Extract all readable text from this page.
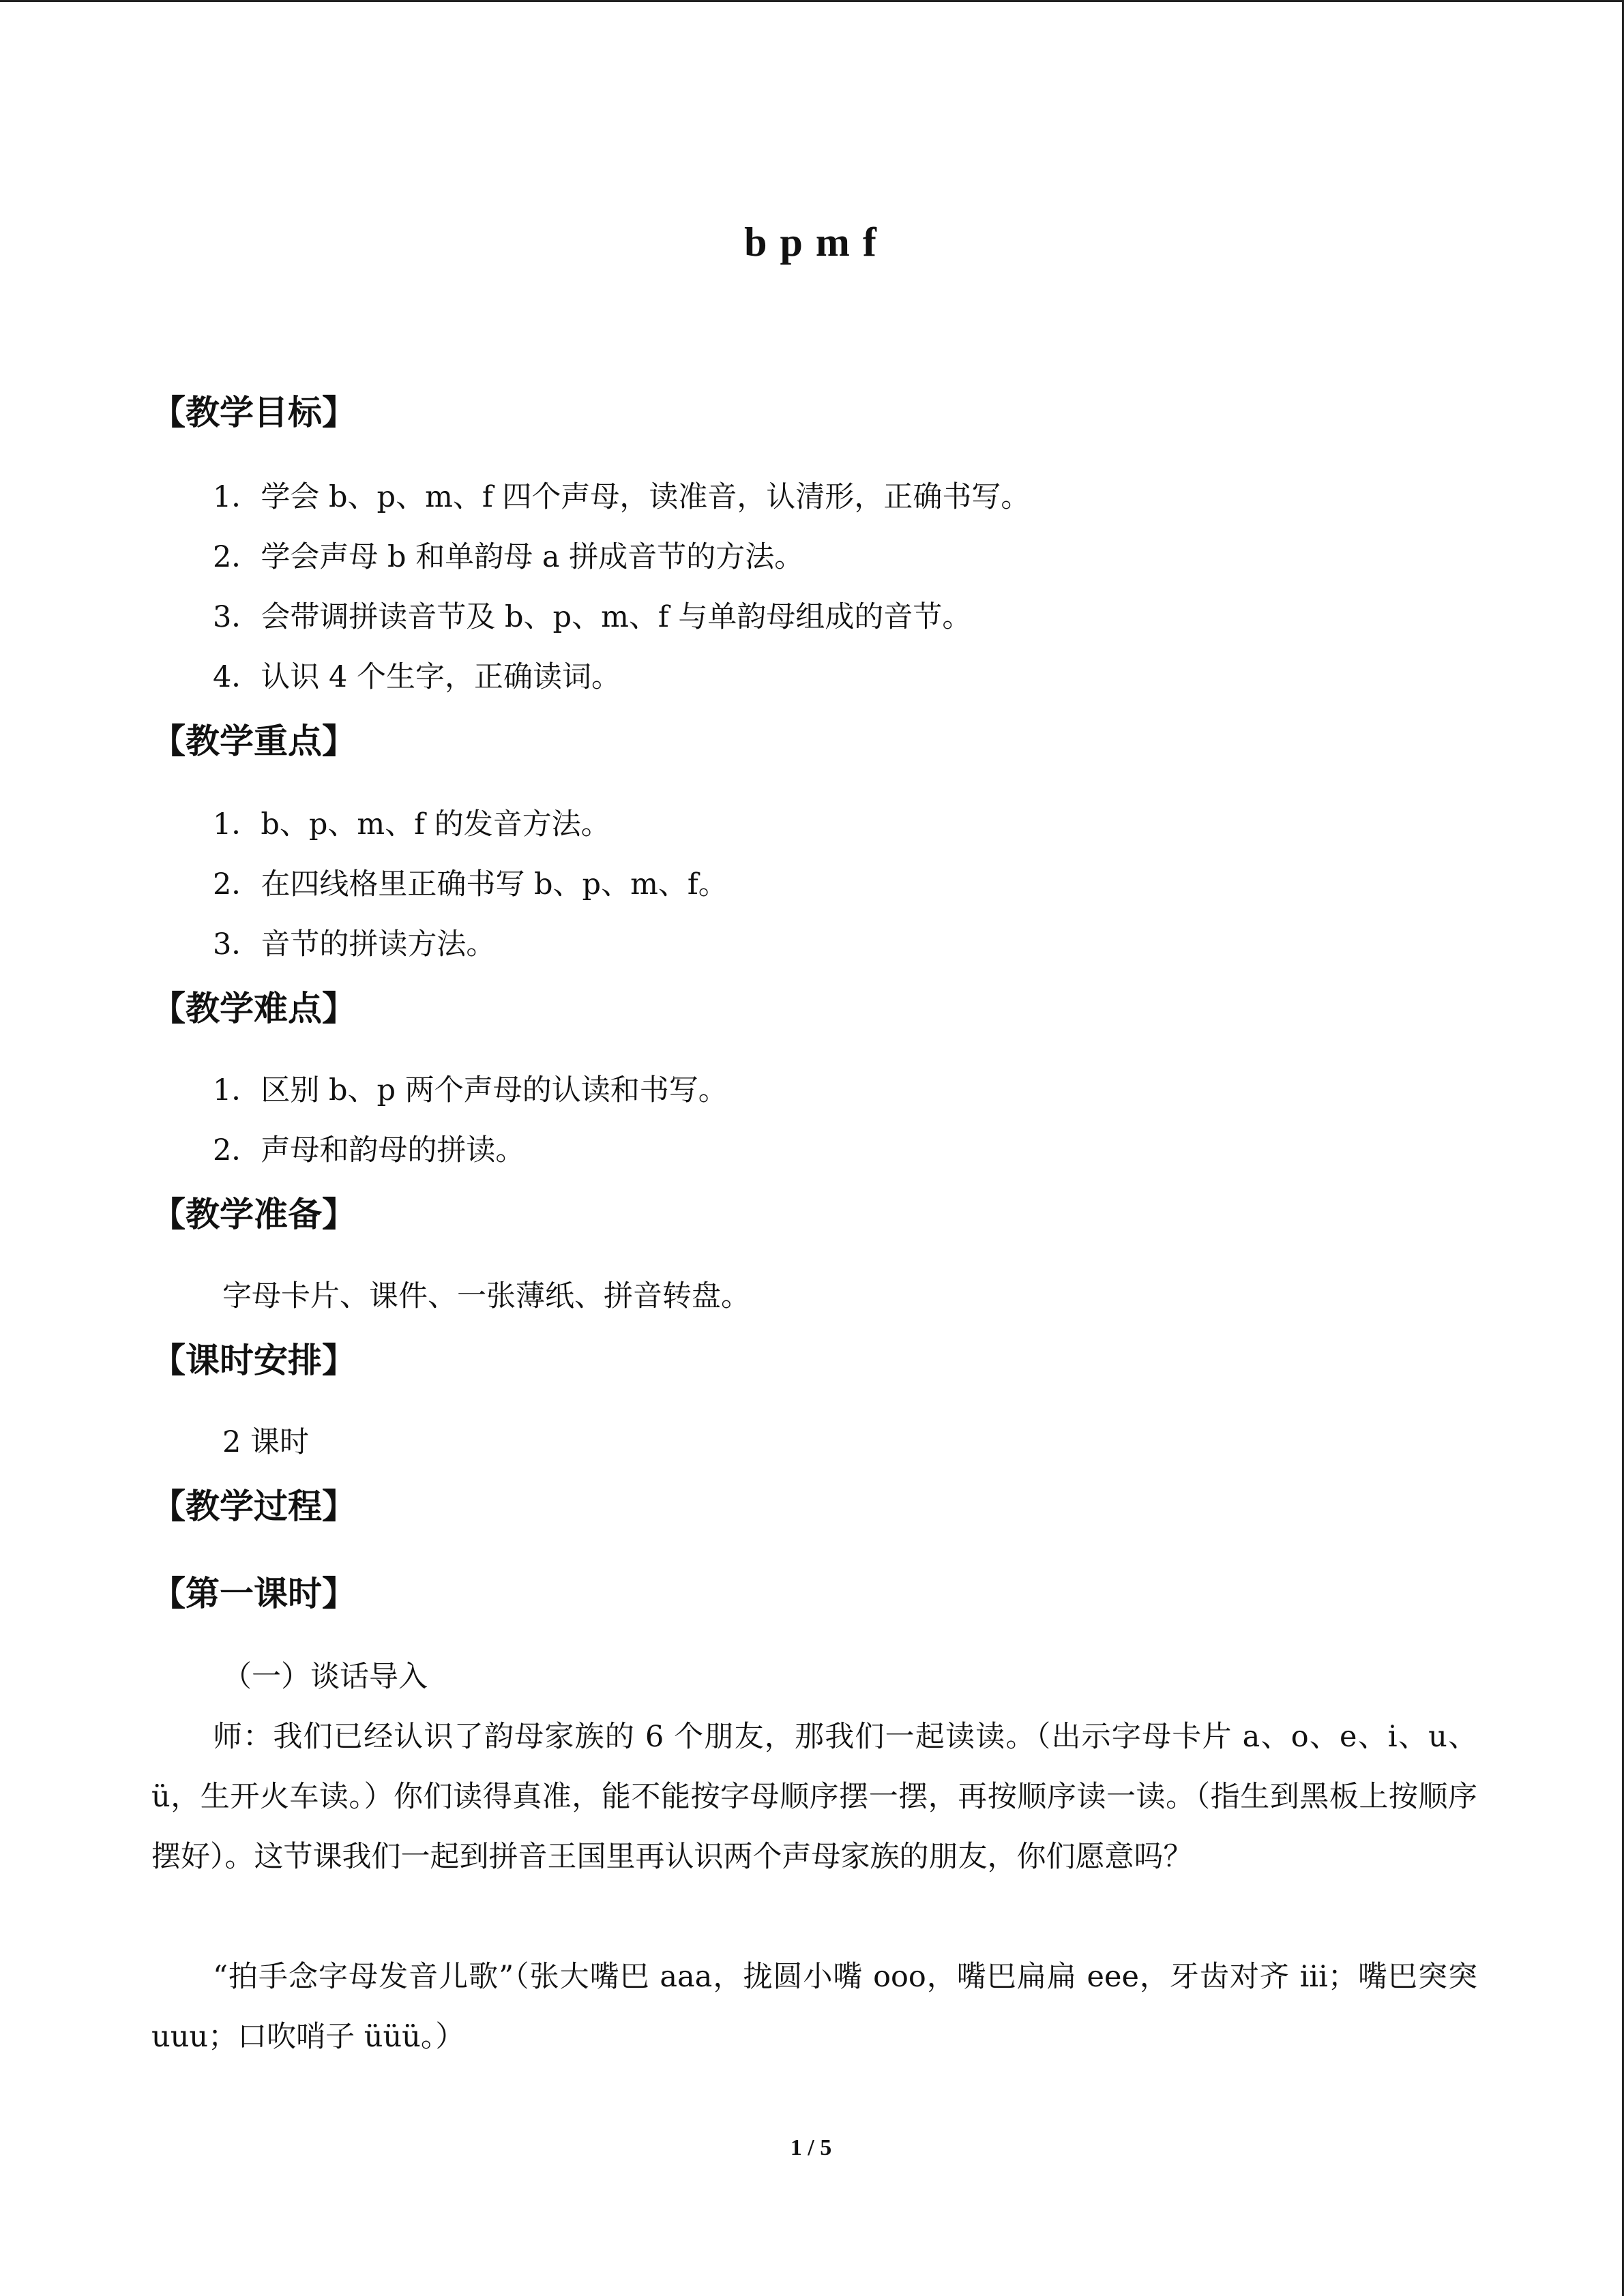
b p m f
【教学目标】
1．学会 b、p、m、f 四个声母，读准音，认清形，正确书写。
2．学会声母 b 和单韵母 a 拼成音节的方法。
3．会带调拼读音节及 b、p、m、f 与单韵母组成的音节。
4．认识 4 个生字，正确读词。
【教学重点】
1．b、p、m、f 的发音方法。
2．在四线格里正确书写 b、p、m、f。
3．音节的拼读方法。
【教学难点】
1．区别 b、p 两个声母的认读和书写。
2．声母和韵母的拼读。
【教学准备】
字母卡片、课件、一张薄纸、拼音转盘。
【课时安排】
2 课时
【教学过程】
【第一课时】
（一）谈话导入
师：我们已经认识了韵母家族的 6 个朋友，那我们一起读读。（出示字母卡片 a、o、e、i、u、ü，生开火车读。）你们读得真准，能不能按字母顺序摆一摆，再按顺序读一读。（指生到黑板上按顺序摆好）。这节课我们一起到拼音王国里再认识两个声母家族的朋友，你们愿意吗？
“拍手念字母发音儿歌”（张大嘴巴 aaa，拢圆小嘴 ooo，嘴巴扁扁 eee，牙齿对齐 iii；嘴巴突突 uuu；口吹哨子 üüü。）
1 / 5
